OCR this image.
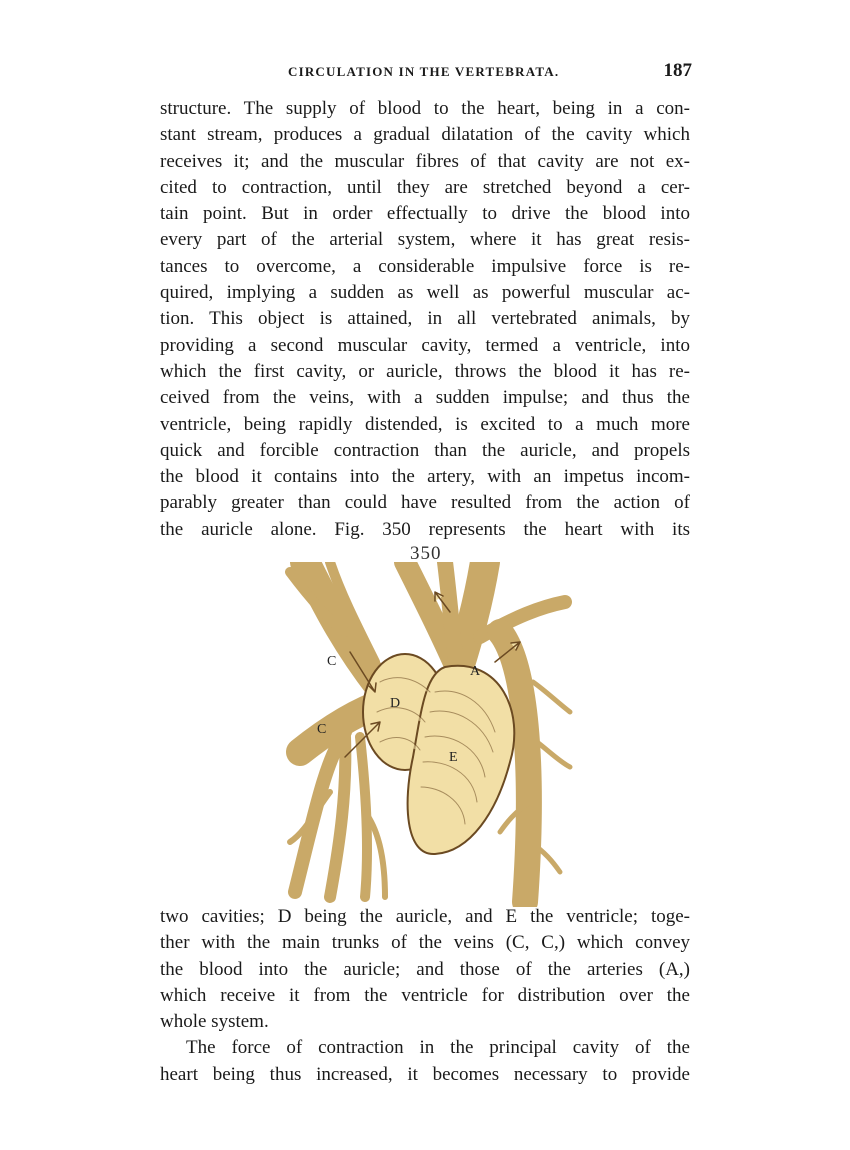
CIRCULATION IN THE VERTEBRATA.	187
structure. The supply of blood to the heart, being in a con-
stant stream, produces a gradual dilatation of the cavity which
receives it; and the muscular fibres of that cavity are not ex-
cited to contraction, until they are stretched beyond a cer-
tain point. But in order effectually to drive the blood into
every part of the arterial system, where it has great resis-
tances to overcome, a considerable impulsive force is re-
quired, implying a sudden as well as powerful muscular ac-
tion. This object is attained, in all vertebrated animals, by
providing a second muscular cavity, termed a ventricle, into
which the first cavity, or auricle, throws the blood it has re-
ceived from the veins, with a sudden impulse; and thus the
ventricle, being rapidly distended, is excited to a much more
quick and forcible contraction than the auricle, and propels
the blood it contains into the artery, with an impetus incom-
parably greater than could have resulted from the action of
the auricle alone. Fig. 350 represents the heart with its
350
C
C
D
A
E
two cavities; D being the auricle, and E the ventricle; toge-
ther with the main trunks of the veins (C, C,) which convey
the blood into the auricle; and those of the arteries (A,)
which receive it from the ventricle for distribution over the
whole system.
The force of contraction in the principal cavity of the
heart being thus increased, it becomes necessary to provide
